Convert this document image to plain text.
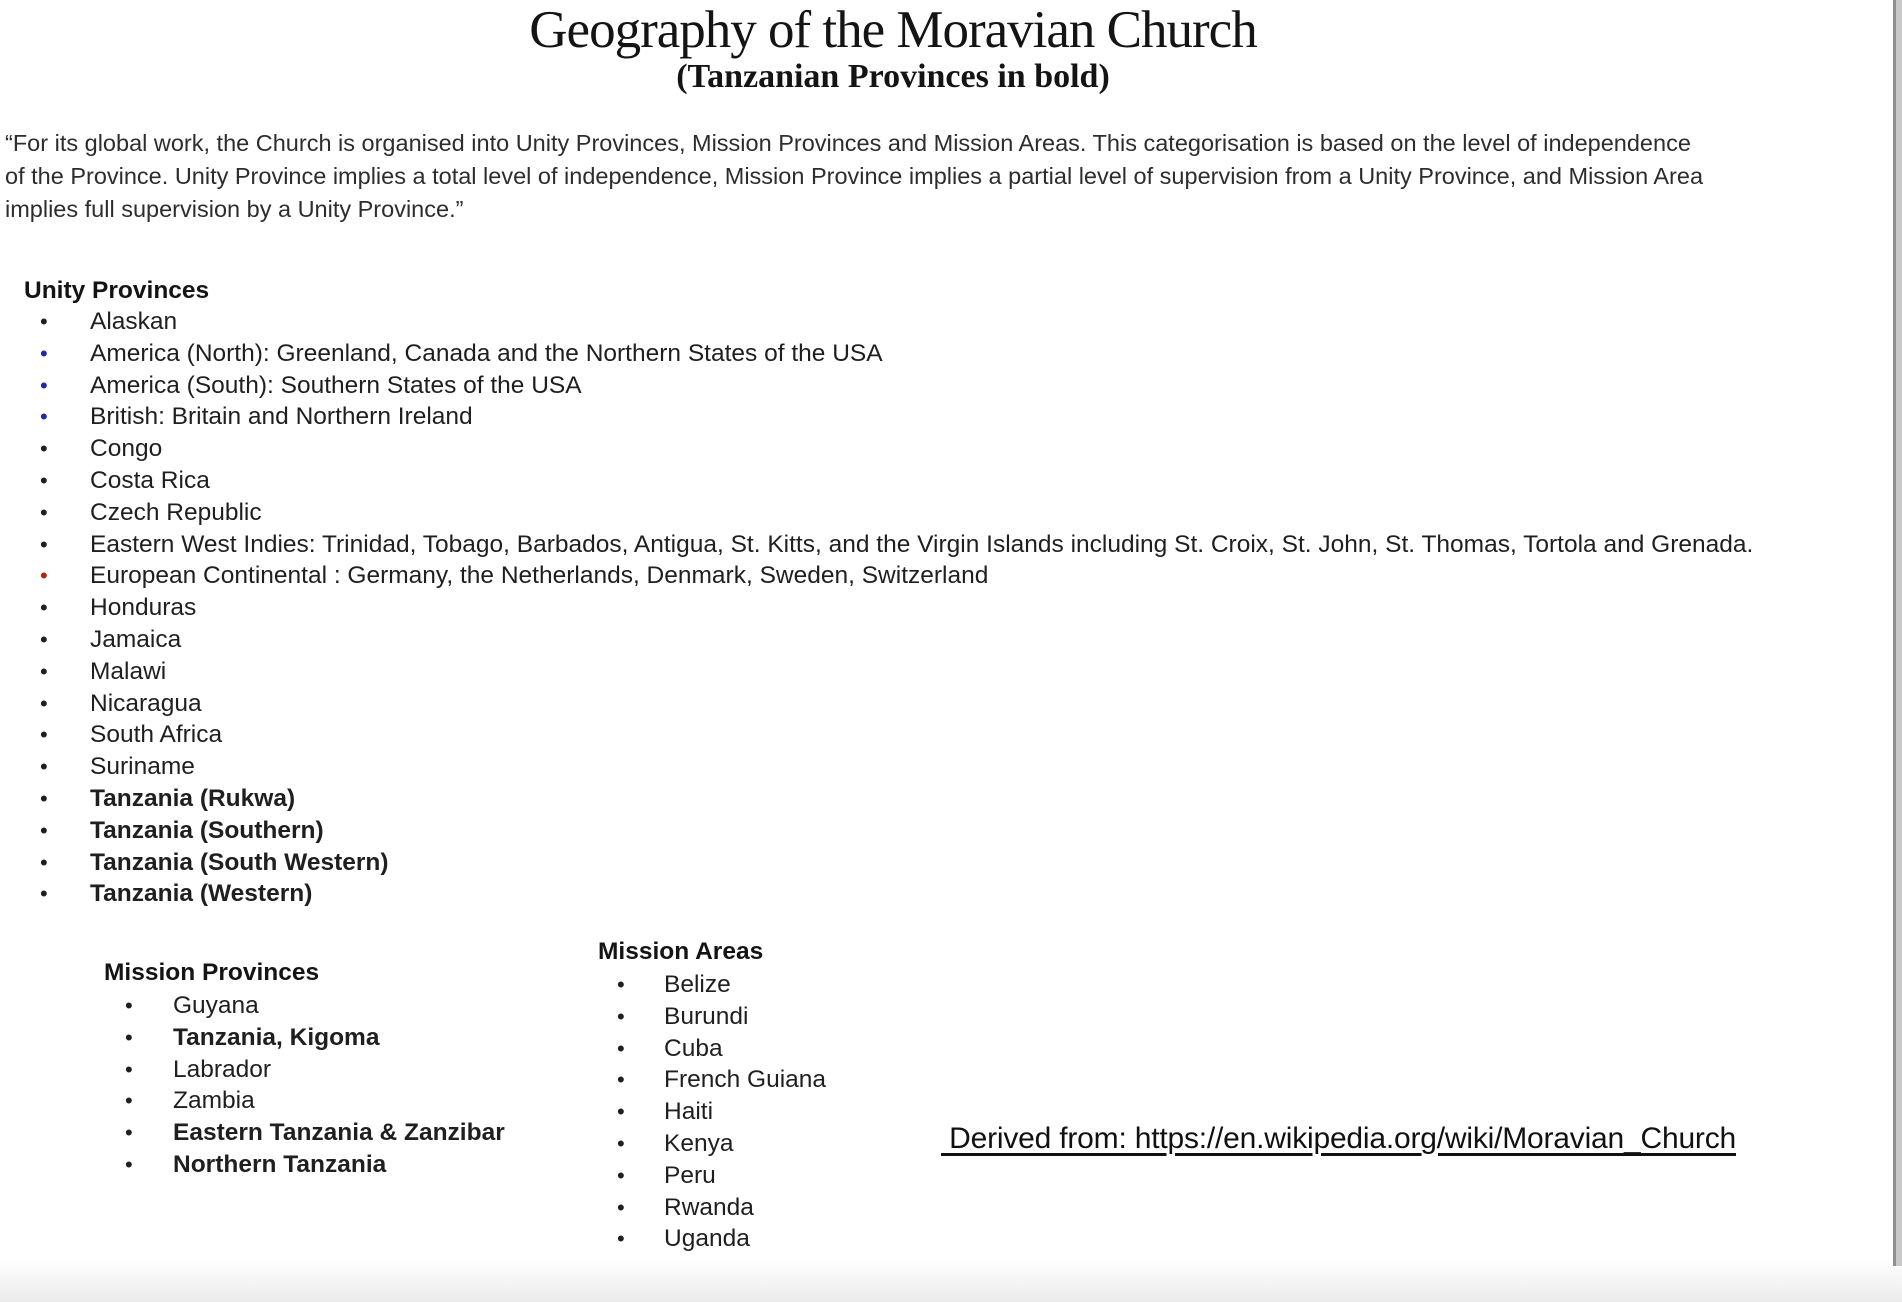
Geography of the Moravian Church
(Tanzanian Provinces in bold)
“For its global work, the Church is organised into Unity Provinces, Mission Provinces and Mission Areas. This categorisation is based on the level of independence
of the Province. Unity Province implies a total level of independence, Mission Province implies a partial level of supervision from a Unity Province, and Mission Area
implies full supervision by a Unity Province.”
Unity Provinces
• Alaskan
• America (North): Greenland, Canada and the Northern States of the USA
• America (South): Southern States of the USA
• British: Britain and Northern Ireland
• Congo
• Costa Rica
• Czech Republic
• Eastern West Indies: Trinidad, Tobago, Barbados, Antigua, St. Kitts, and the Virgin Islands including St. Croix, St. John, St. Thomas, Tortola and Grenada.
• European Continental : Germany, the Netherlands, Denmark, Sweden, Switzerland
• Honduras
• Jamaica
• Malawi
• Nicaragua
• South Africa
• Suriname
• Tanzania (Rukwa)
• Tanzania (Southern)
• Tanzania (South Western)
• Tanzania (Western)
Mission Provinces
• Guyana
• Tanzania, Kigoma
• Labrador
• Zambia
• Eastern Tanzania & Zanzibar
• Northern Tanzania
Mission Areas
• Belize
• Burundi
• Cuba
• French Guiana
• Haiti
• Kenya
• Peru
• Rwanda
• Uganda
Derived from: https://en.wikipedia.org/wiki/Moravian_Church
